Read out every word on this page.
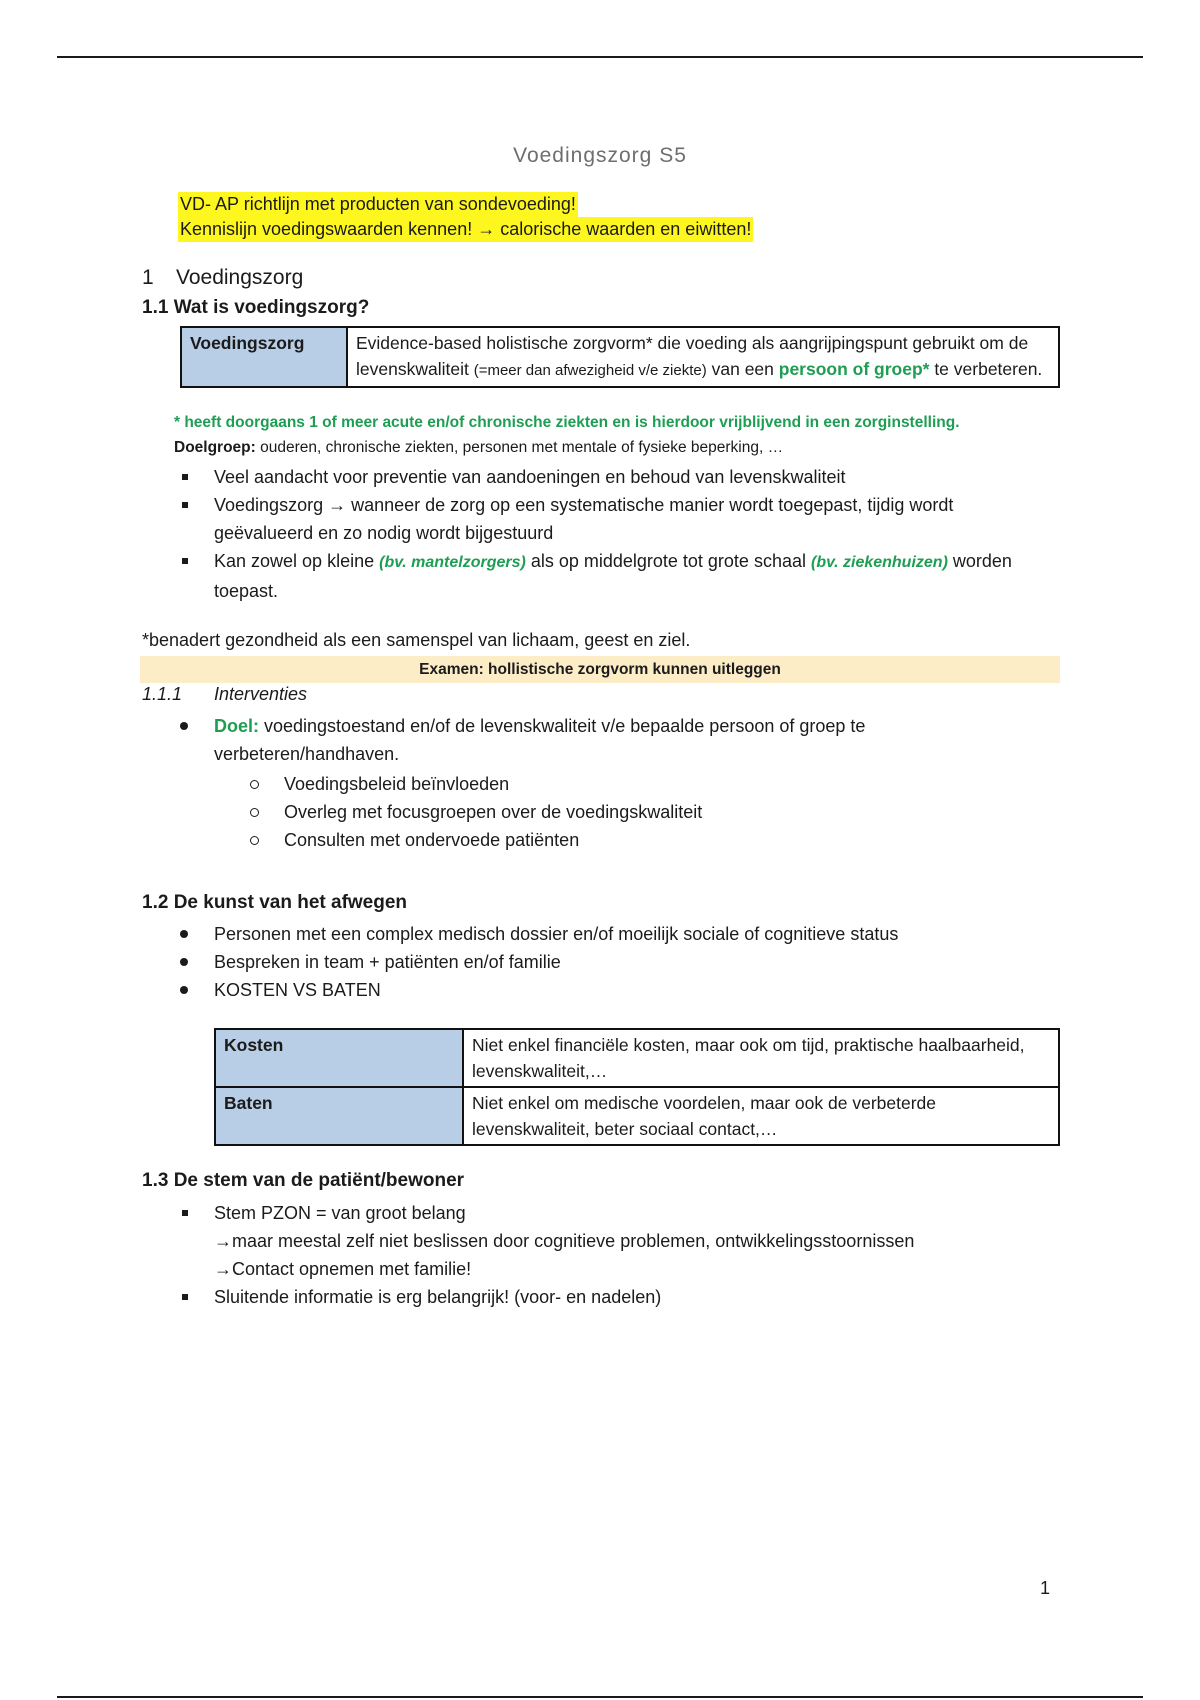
Voedingszorg S5
VD- AP richtlijn met producten van sondevoeding!
Kennislijn voedingswaarden kennen! → calorische waarden en eiwitten!
1 Voedingszorg
1.1 Wat is voedingszorg?
Voedingszorg	Evidence-based holistische zorgvorm* die voeding als aangrijpingspunt gebruikt om de levenskwaliteit (=meer dan afwezigheid v/e ziekte) van een persoon of groep* te verbeteren.
* heeft doorgaans 1 of meer acute en/of chronische ziekten en is hierdoor vrijblijvend in een zorginstelling. Doelgroep: ouderen, chronische ziekten, personen met mentale of fysieke beperking, …
Veel aandacht voor preventie van aandoeningen en behoud van levenskwaliteit
Voedingszorg → wanneer de zorg op een systematische manier wordt toegepast, tijdig wordt geëvalueerd en zo nodig wordt bijgestuurd
Kan zowel op kleine (bv. mantelzorgers) als op middelgrote tot grote schaal (bv. ziekenhuizen) worden toepast.
*benadert gezondheid als een samenspel van lichaam, geest en ziel.
Examen: hollistische zorgvorm kunnen uitleggen
1.1.1 Interventies
Doel: voedingstoestand en/of de levenskwaliteit v/e bepaalde persoon of groep te verbeteren/handhaven.
Voedingsbeleid beïnvloeden
Overleg met focusgroepen over de voedingskwaliteit
Consulten met ondervoede patiënten
1.2 De kunst van het afwegen
Personen met een complex medisch dossier en/of moeilijk sociale of cognitieve status
Bespreken in team + patiënten en/of familie
KOSTEN VS BATEN
Kosten	Niet enkel financiële kosten, maar ook om tijd, praktische haalbaarheid, levenskwaliteit,…
Baten	Niet enkel om medische voordelen, maar ook de verbeterde levenskwaliteit, beter sociaal contact,…
1.3 De stem van de patiënt/bewoner
Stem PZON = van groot belang
→maar meestal zelf niet beslissen door cognitieve problemen, ontwikkelingsstoornissen
→Contact opnemen met familie!
Sluitende informatie is erg belangrijk! (voor- en nadelen)
1
